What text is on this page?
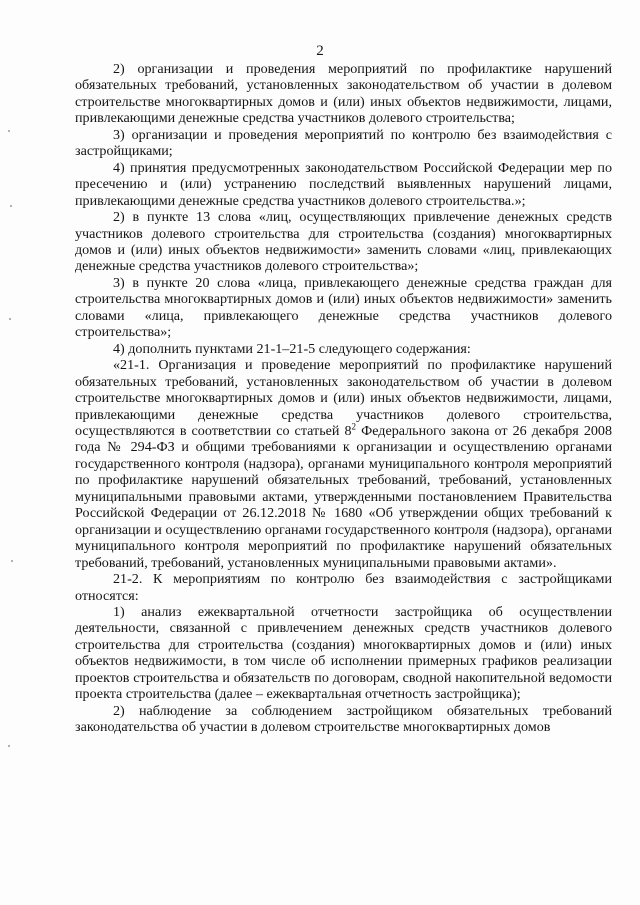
2

2) организации и проведения мероприятий по профилактике нарушений обязательных требований, установленных законодательством об участии в долевом строительстве многоквартирных домов и (или) иных объектов недвижимости, лицами, привлекающими денежные средства участников долевого строительства;

3) организации и проведения мероприятий по контролю без взаимодействия с застройщиками;

4) принятия предусмотренных законодательством Российской Федерации мер по пресечению и (или) устранению последствий выявленных нарушений лицами, привлекающими денежные средства участников долевого строительства.»;

2) в пункте 13 слова «лиц, осуществляющих привлечение денежных средств участников долевого строительства для строительства (создания) многоквартирных домов и (или) иных объектов недвижимости» заменить словами «лиц, привлекающих денежные средства участников долевого строительства»;

3) в пункте 20 слова «лица, привлекающего денежные средства граждан для строительства многоквартирных домов и (или) иных объектов недвижимости» заменить словами «лица, привлекающего денежные средства участников долевого строительства»;

4) дополнить пунктами 21-1–21-5 следующего содержания:

«21-1. Организация и проведение мероприятий по профилактике нарушений обязательных требований, установленных законодательством об участии в долевом строительстве многоквартирных домов и (или) иных объектов недвижимости, лицами, привлекающими денежные средства участников долевого строительства, осуществляются в соответствии со статьей $8^2$ Федерального закона от 26 декабря 2008 года № 294-ФЗ и общими требованиями к организации и осуществлению органами государственного контроля (надзора), органами муниципального контроля мероприятий по профилактике нарушений обязательных требований, требований, установленных муниципальными правовыми актами, утвержденными постановлением Правительства Российской Федерации от 26.12.2018 № 1680 «Об утверждении общих требований к организации и осуществлению органами государственного контроля (надзора), органами муниципального контроля мероприятий по профилактике нарушений обязательных требований, требований, установленных муниципальными правовыми актами».

21-2. К мероприятиям по контролю без взаимодействия с застройщиками относятся:

1) анализ ежеквартальной отчетности застройщика об осуществлении деятельности, связанной с привлечением денежных средств участников долевого строительства для строительства (создания) многоквартирных домов и (или) иных объектов недвижимости, в том числе об исполнении примерных графиков реализации проектов строительства и обязательств по договорам, сводной накопительной ведомости проекта строительства (далее – ежеквартальная отчетность застройщика);

2) наблюдение за соблюдением застройщиком обязательных требований законодательства об участии в долевом строительстве многоквартирных домов
